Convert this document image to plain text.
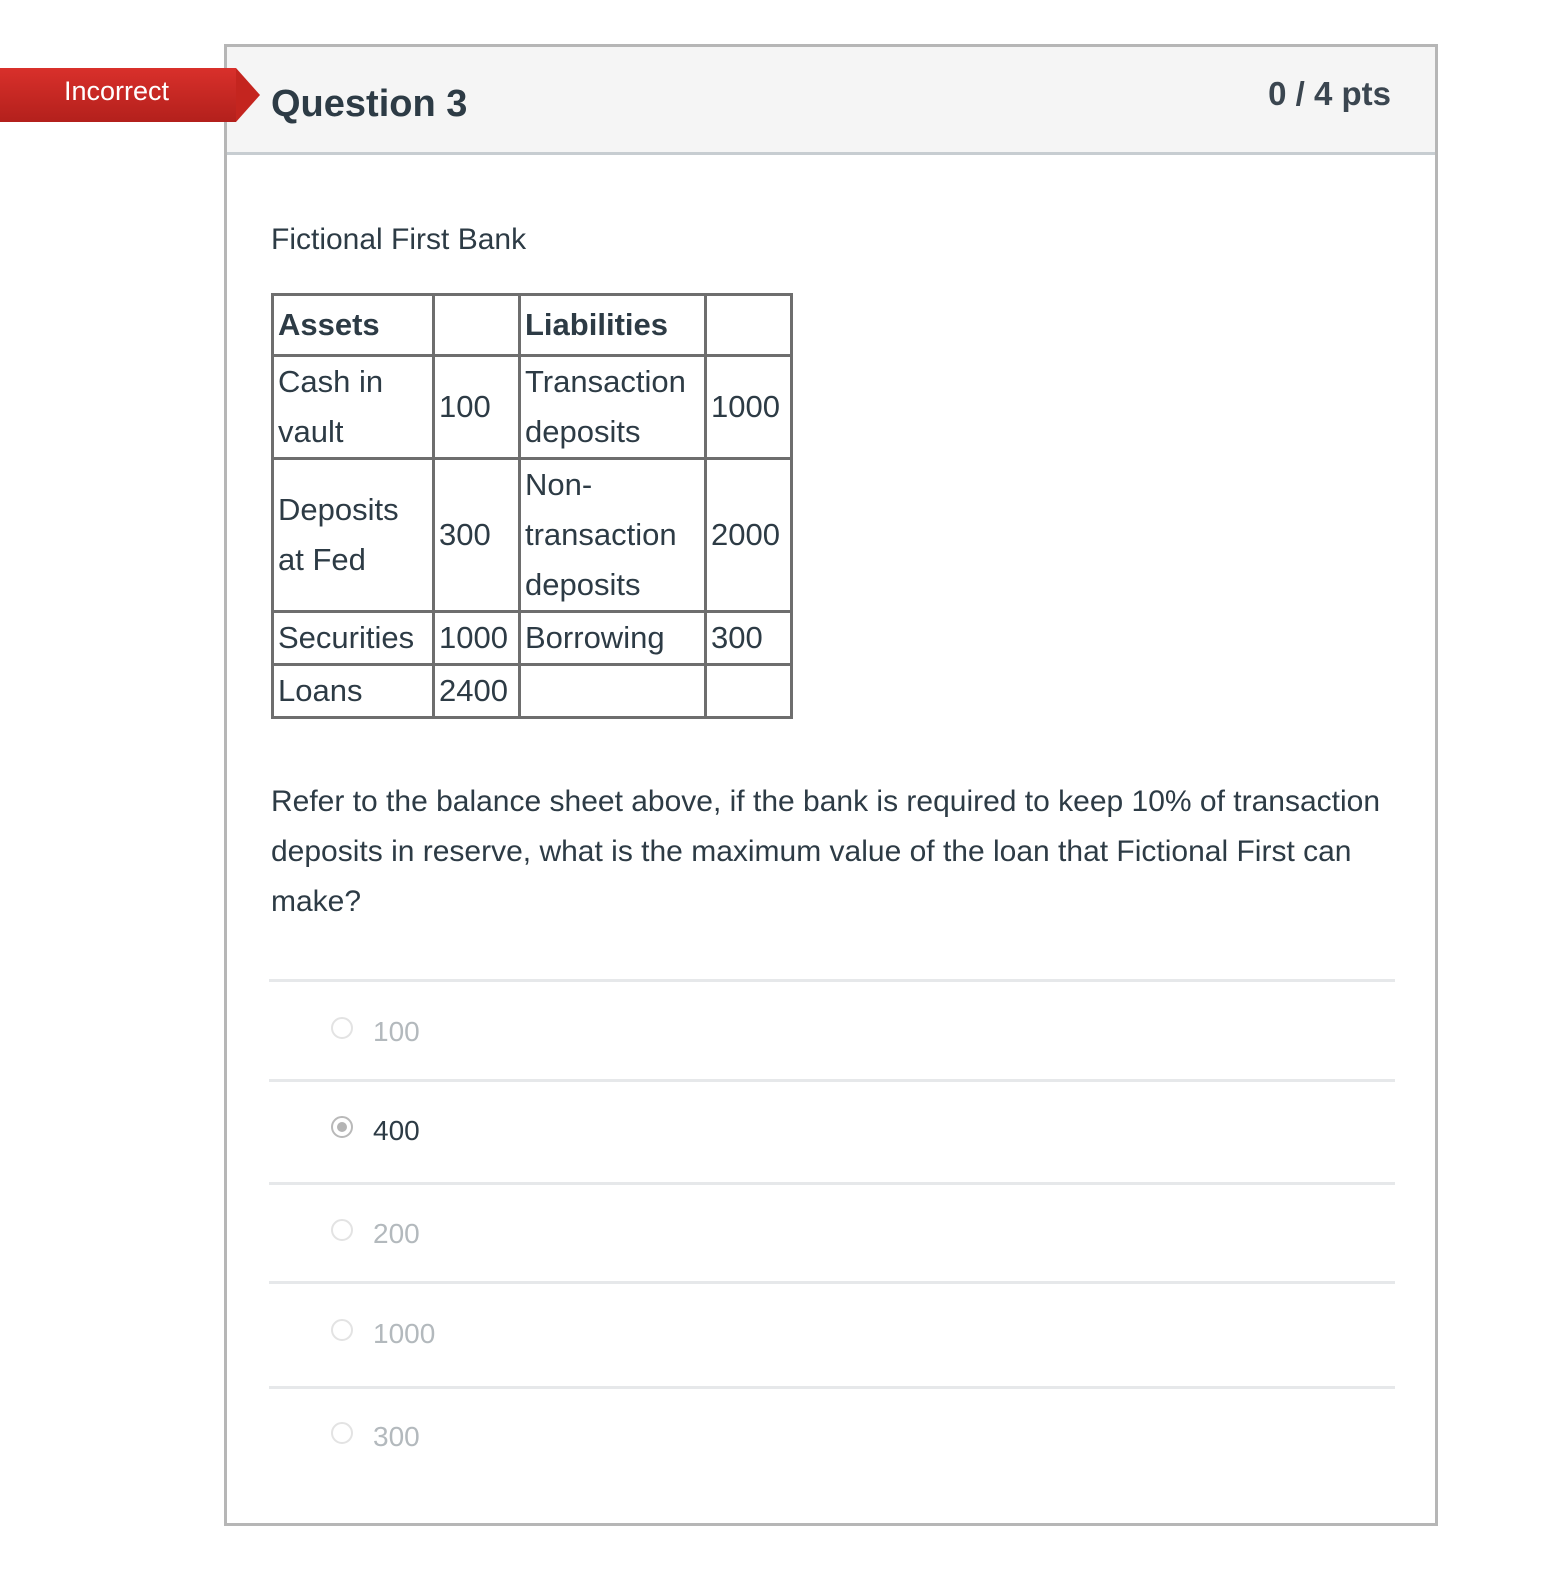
Incorrect	Question 3	0 / 4 pts
Fictional First Bank
Assets		Liabilities	
Cash in vault	100	Transaction deposits	1000
Deposits at Fed	300	Non-transaction deposits	2000
Securities	1000	Borrowing	300
Loans	2400		
Refer to the balance sheet above, if the bank is required to keep 10% of transaction deposits in reserve, what is the maximum value of the loan that Fictional First can make?
100
400
200
1000
300
